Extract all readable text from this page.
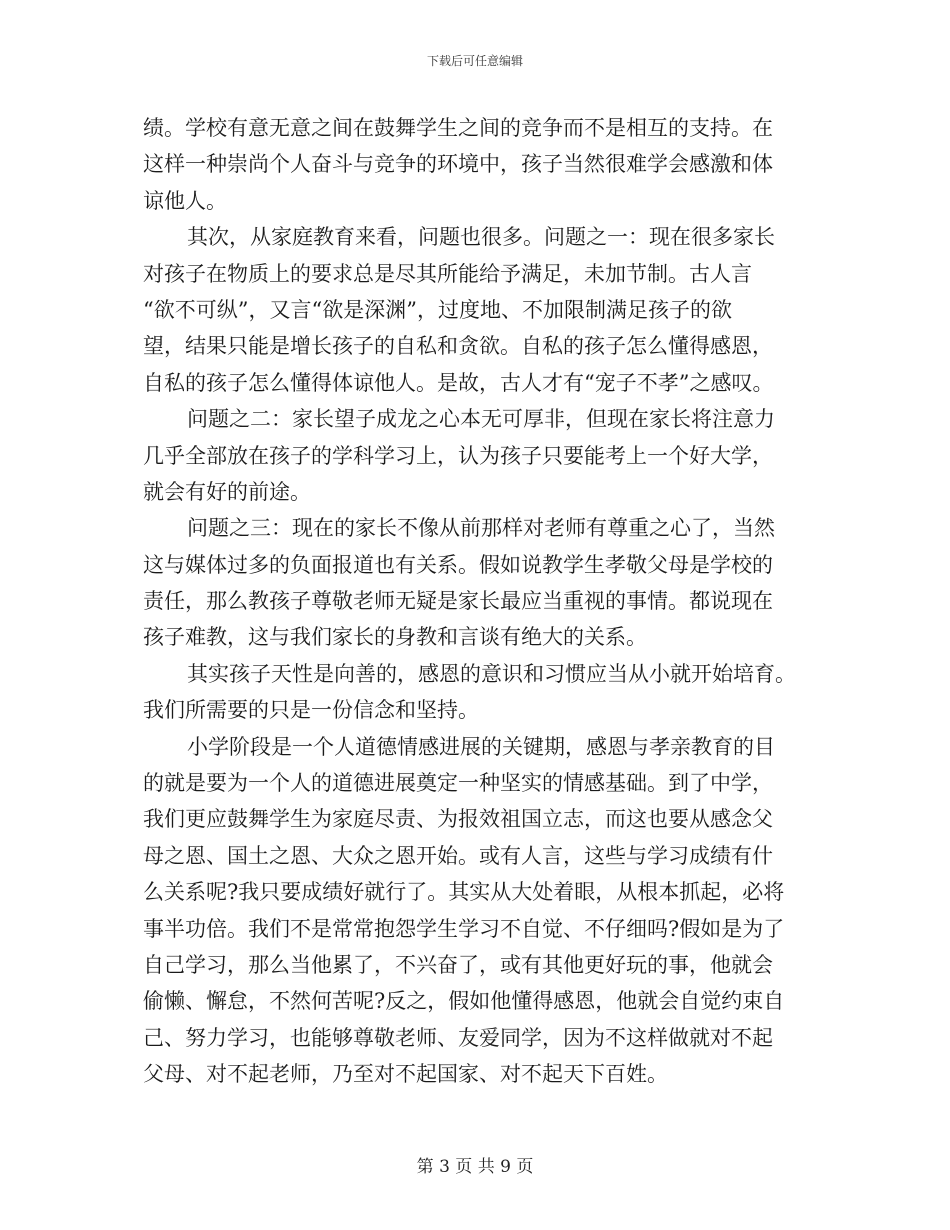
下载后可任意编辑
绩。学校有意无意之间在鼓舞学生之间的竞争而不是相互的支持。在
这样一种崇尚个人奋斗与竞争的环境中，孩子当然很难学会感激和体
谅他人。
其次，从家庭教育来看，问题也很多。问题之一：现在很多家长
对孩子在物质上的要求总是尽其所能给予满足，未加节制。古人言
“欲不可纵”，又言“欲是深渊”，过度地、不加限制满足孩子的欲
望，结果只能是增长孩子的自私和贪欲。自私的孩子怎么懂得感恩，
自私的孩子怎么懂得体谅他人。是故，古人才有“宠子不孝”之感叹。
问题之二：家长望子成龙之心本无可厚非，但现在家长将注意力
几乎全部放在孩子的学科学习上，认为孩子只要能考上一个好大学，
就会有好的前途。
问题之三：现在的家长不像从前那样对老师有尊重之心了，当然
这与媒体过多的负面报道也有关系。假如说教学生孝敬父母是学校的
责任，那么教孩子尊敬老师无疑是家长最应当重视的事情。都说现在
孩子难教，这与我们家长的身教和言谈有绝大的关系。
其实孩子天性是向善的，感恩的意识和习惯应当从小就开始培育。
我们所需要的只是一份信念和坚持。
小学阶段是一个人道德情感进展的关键期，感恩与孝亲教育的目
的就是要为一个人的道德进展奠定一种坚实的情感基础。到了中学，
我们更应鼓舞学生为家庭尽责、为报效祖国立志，而这也要从感念父
母之恩、国土之恩、大众之恩开始。或有人言，这些与学习成绩有什
么关系呢?我只要成绩好就行了。其实从大处着眼，从根本抓起，必将
事半功倍。我们不是常常抱怨学生学习不自觉、不仔细吗?假如是为了
自己学习，那么当他累了，不兴奋了，或有其他更好玩的事，他就会
偷懒、懈怠，不然何苦呢?反之，假如他懂得感恩，他就会自觉约束自
己、努力学习，也能够尊敬老师、友爱同学，因为不这样做就对不起
父母、对不起老师，乃至对不起国家、对不起天下百姓。
第 3 页 共 9 页
